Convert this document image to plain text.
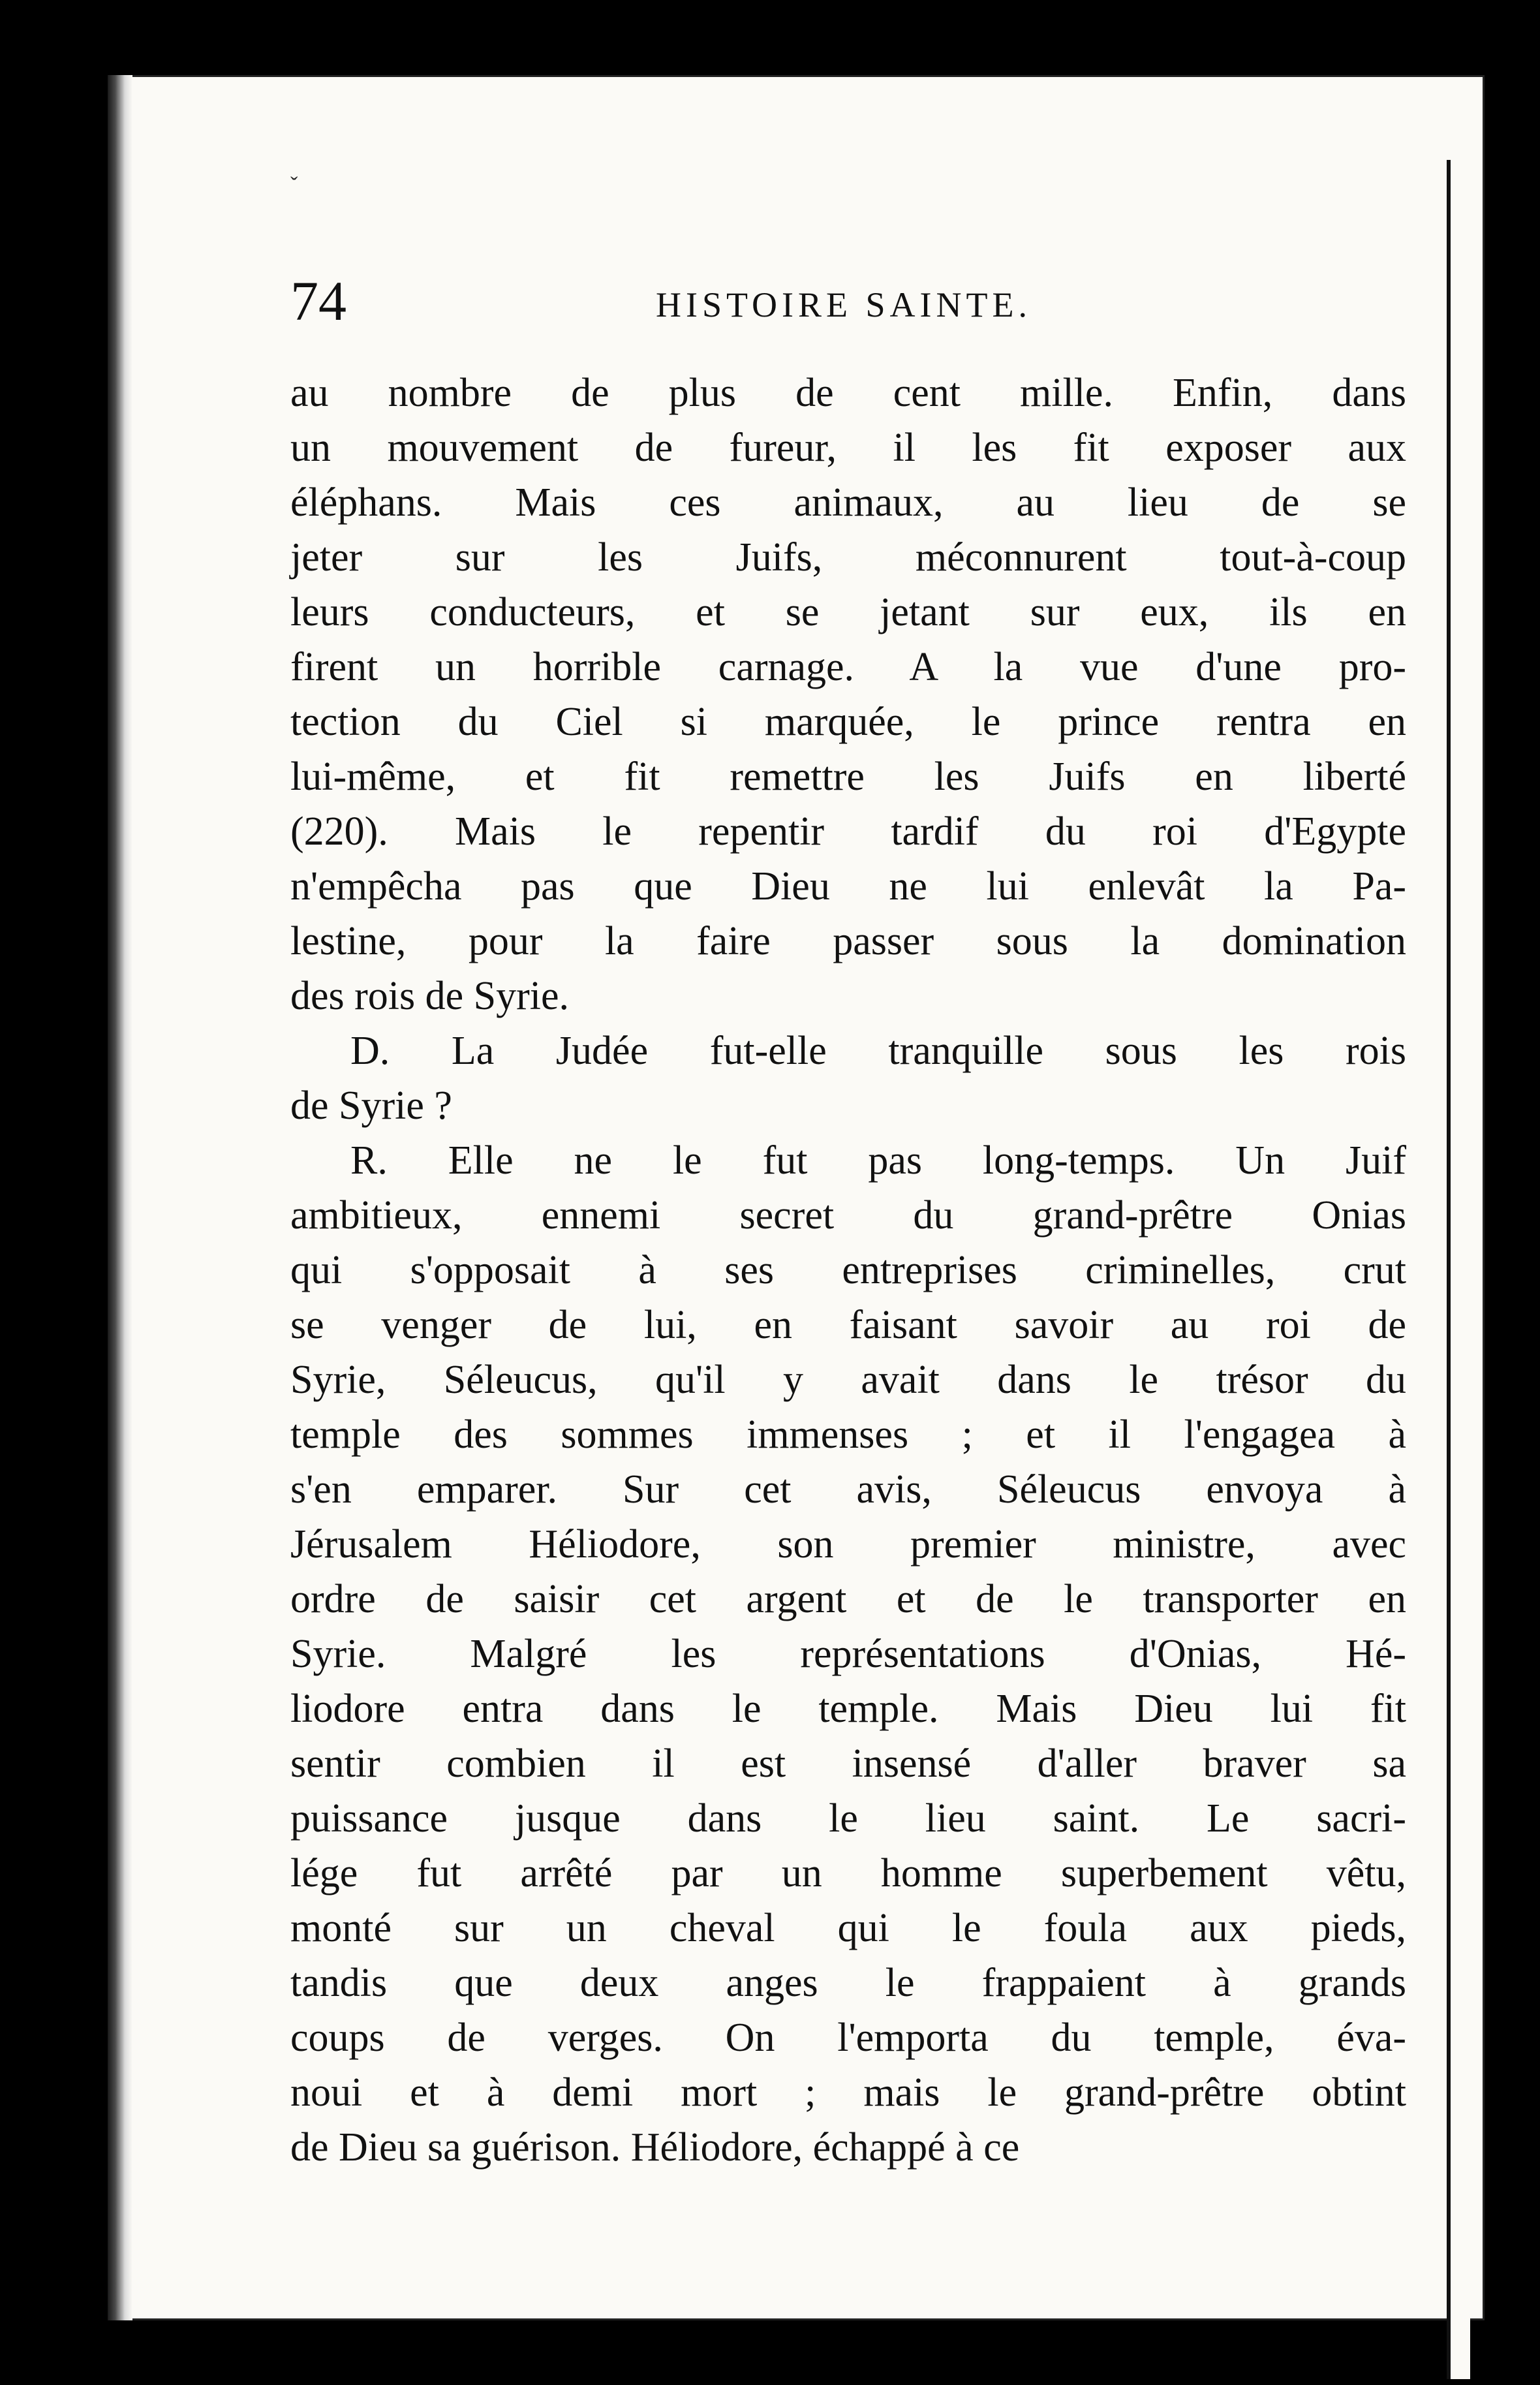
ˇ
74	HISTOIRE SAINTE.
au nombre de plus de cent mille. Enfin, dans
un mouvement de fureur, il les fit exposer aux
éléphans. Mais ces animaux, au lieu de se
jeter sur les Juifs, méconnurent tout-à-coup
leurs conducteurs, et se jetant sur eux, ils en
firent un horrible carnage. A la vue d'une pro-
tection du Ciel si marquée, le prince rentra en
lui-même, et fit remettre les Juifs en liberté
(220). Mais le repentir tardif du roi d'Egypte
n'empêcha pas que Dieu ne lui enlevât la Pa-
lestine, pour la faire passer sous la domination
des rois de Syrie.
D. La Judée fut-elle tranquille sous les rois
de Syrie ?
R. Elle ne le fut pas long-temps. Un Juif
ambitieux, ennemi secret du grand-prêtre Onias
qui s'opposait à ses entreprises criminelles, crut
se venger de lui, en faisant savoir au roi de
Syrie, Séleucus, qu'il y avait dans le trésor du
temple des sommes immenses ; et il l'engagea à
s'en emparer. Sur cet avis, Séleucus envoya à
Jérusalem Héliodore, son premier ministre, avec
ordre de saisir cet argent et de le transporter en
Syrie. Malgré les représentations d'Onias, Hé-
liodore entra dans le temple. Mais Dieu lui fit
sentir combien il est insensé d'aller braver sa
puissance jusque dans le lieu saint. Le sacri-
lége fut arrêté par un homme superbement vêtu,
monté sur un cheval qui le foula aux pieds,
tandis que deux anges le frappaient à grands
coups de verges. On l'emporta du temple, éva-
noui et à demi mort ; mais le grand-prêtre obtint
de Dieu sa guérison. Héliodore, échappé à ce
